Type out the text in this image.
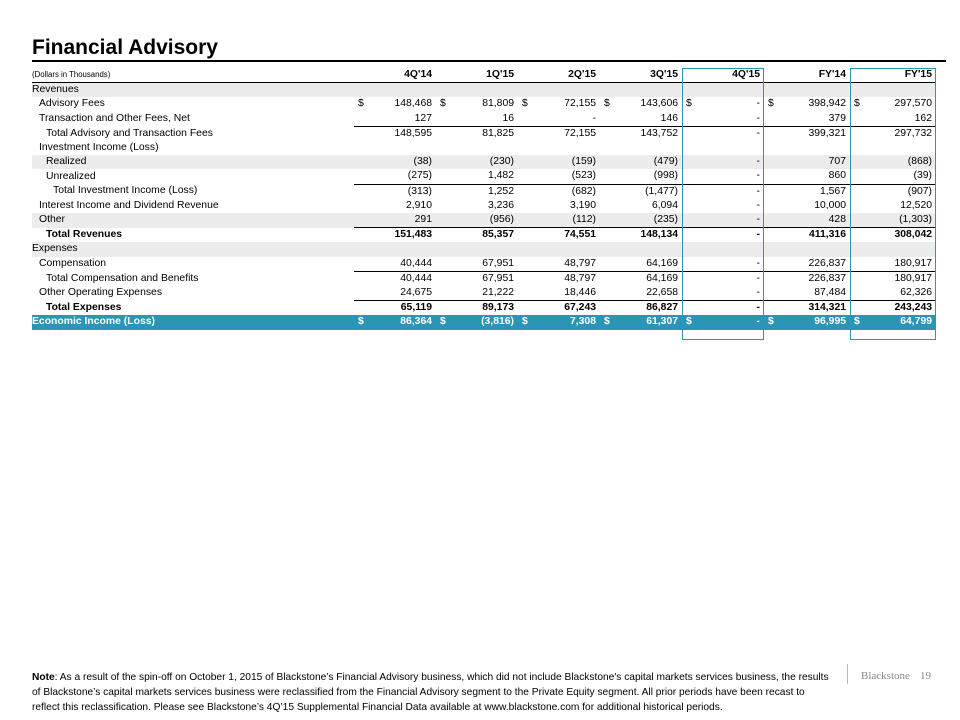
Financial Advisory
(Dollars in Thousands)	4Q'14	1Q'15	2Q'15	3Q'15	4Q'15	FY'14	FY'15
Revenues							
Advisory Fees	$ 148,468	$ 81,809	$ 72,155	$ 143,606	$ -	$ 398,942	$ 297,570
Transaction and Other Fees, Net	127	16	-	146	-	379	162
Total Advisory and Transaction Fees	148,595	81,825	72,155	143,752	-	399,321	297,732
Investment Income (Loss)							
Realized	(38)	(230)	(159)	(479)	-	707	(868)
Unrealized	(275)	1,482	(523)	(998)	-	860	(39)
Total Investment Income (Loss)	(313)	1,252	(682)	(1,477)	-	1,567	(907)
Interest Income and Dividend Revenue	2,910	3,236	3,190	6,094	-	10,000	12,520
Other	291	(956)	(112)	(235)	-	428	(1,303)
Total Revenues	151,483	85,357	74,551	148,134	-	411,316	308,042
Expenses							
Compensation	40,444	67,951	48,797	64,169	-	226,837	180,917
Total Compensation and Benefits	40,444	67,951	48,797	64,169	-	226,837	180,917
Other Operating Expenses	24,675	21,222	18,446	22,658	-	87,484	62,326
Total Expenses	65,119	89,173	67,243	86,827	-	314,321	243,243
Economic Income (Loss)	$ 86,364	$ (3,816)	$ 7,308	$ 61,307	$ -	$ 96,995	$ 64,799
Note: As a result of the spin-off on October 1, 2015 of Blackstone’s Financial Advisory business, which did not include Blackstone's capital markets services business, the results of Blackstone’s capital markets services business were reclassified from the Financial Advisory segment to the Private Equity segment. All prior periods have been recast to reflect this reclassification. Please see Blackstone’s 4Q’15 Supplemental Financial Data available at www.blackstone.com for additional historical periods.
Blackstone 19
